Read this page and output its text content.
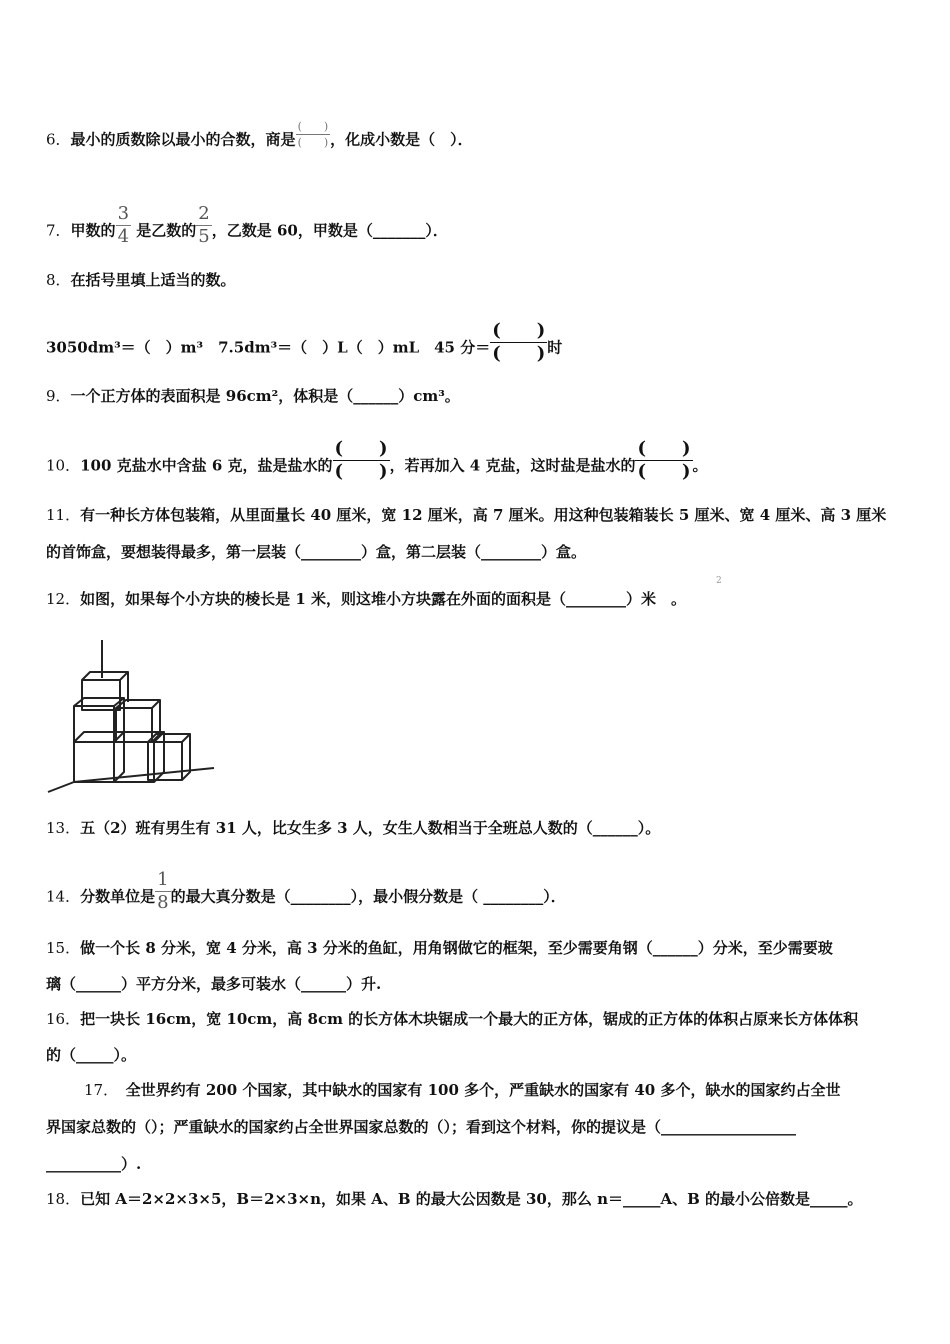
6．最小的质数除以最小的合数，商是 $\frac{( )}{( )}$ ，化成小数是（　）．
7．甲数的 $\frac{3}{4}$ 是乙数的 $\frac{2}{5}$ ，乙数是 60，甲数是（_______）．
8．在括号里填上适当的数。
3050dm³＝（　）m³　7.5dm³＝（　）L（　）mL　45 分＝ $\frac{( )}{( )}$ 时
9．一个正方体的表面积是 96cm²，体积是（______）cm³。
10．100 克盐水中含盐 6 克，盐是盐水的 $\frac{( )}{( )}$ ，若再加入 4 克盐，这时盐是盐水的 $\frac{( )}{( )}$ 。
11．有一种长方体包装箱，从里面量长 40 厘米，宽 12 厘米，高 7 厘米。用这种包装箱装长 5 厘米、宽 4 厘米、高 3 厘米
的首饰盒，要想装得最多，第一层装（________）盒，第二层装（________）盒。
12．如图，如果每个小方块的棱长是 1 米，则这堆小方块露在外面的面积是（________）米　 。
2
13．五（2）班有男生有 31 人，比女生多 3 人，女生人数相当于全班总人数的（______）。
14．分数单位是 $\frac{1}{8}$ 的最大真分数是（________），最小假分数是（ ________）．
15．做一个长 8 分米，宽 4 分米，高 3 分米的鱼缸，用角钢做它的框架，至少需要角钢（______）分米，至少需要玻
璃（______）平方分米，最多可装水（______）升.
16．把一块长 16cm，宽 10cm，高 8cm 的长方体木块锯成一个最大的正方体，锯成的正方体的体积占原来长方体体积
的（_____）。
17．　 全世界约有 200 个国家，其中缺水的国家有 100 多个，严重缺水的国家有 40 多个，缺水的国家约占全世
界国家总数的（）；严重缺水的国家约占全世界国家总数的（）；看到这个材料，你的提议是（__________________
__________）.
18．已知 A＝2×2×3×5，B＝2×3×n，如果 A、B 的最大公因数是 30，那么 n＝_____A、B 的最小公倍数是_____。
